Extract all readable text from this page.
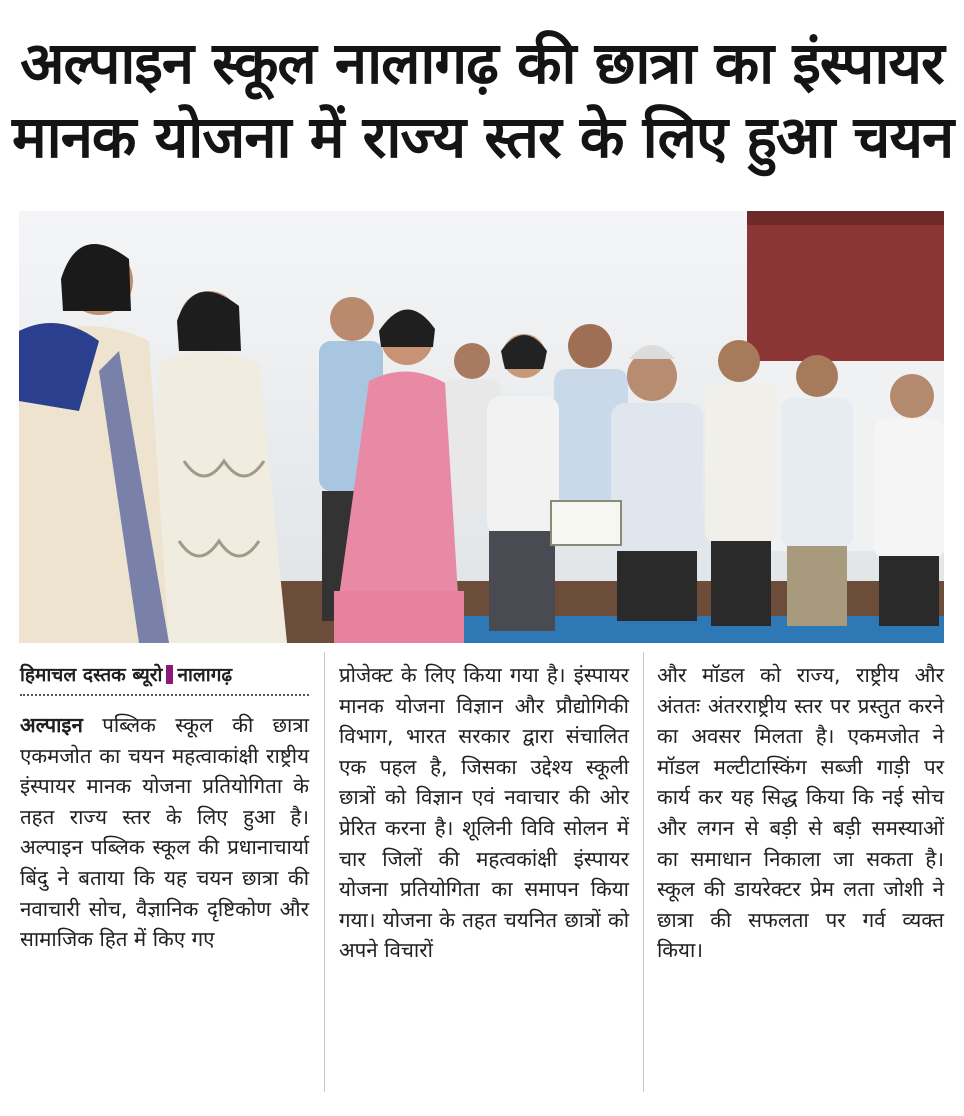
अल्पाइन स्कूल नालागढ़ की छात्रा का इंस्पायर
मानक योजना में राज्य स्तर के लिए हुआ चयन
हिमाचल दस्तक ब्यूरो नालागढ़
अल्पाइन पब्लिक स्कूल की छात्रा एकमजोत का चयन महत्वाकांक्षी राष्ट्रीय इंस्पायर मानक योजना प्रतियोगिता के तहत राज्य स्तर के लिए हुआ है। अल्पाइन पब्लिक स्कूल की प्रधानाचार्या बिंदु ने बताया कि यह चयन छात्रा की नवाचारी सोच, वैज्ञानिक दृष्टिकोण और सामाजिक हित में किए गए
प्रोजेक्ट के लिए किया गया है। इंस्पायर मानक योजना विज्ञान और प्रौद्योगिकी विभाग, भारत सरकार द्वारा संचालित एक पहल है, जिसका उद्देश्य स्कूली छात्रों को विज्ञान एवं नवाचार की ओर प्रेरित करना है। शूलिनी विवि सोलन में चार जिलों की महत्वकांक्षी इंस्पायर योजना प्रतियोगिता का समापन किया गया। योजना के तहत चयनित छात्रों को अपने विचारों
और मॉडल को राज्य, राष्ट्रीय और अंततः अंतरराष्ट्रीय स्तर पर प्रस्तुत करने का अवसर मिलता है। एकमजोत ने मॉडल मल्टीटास्किंग सब्जी गाड़ी पर कार्य कर यह सिद्ध किया कि नई सोच और लगन से बड़ी से बड़ी समस्याओं का समाधान निकाला जा सकता है। स्कूल की डायरेक्टर प्रेम लता जोशी ने छात्रा की सफलता पर गर्व व्यक्त किया।
